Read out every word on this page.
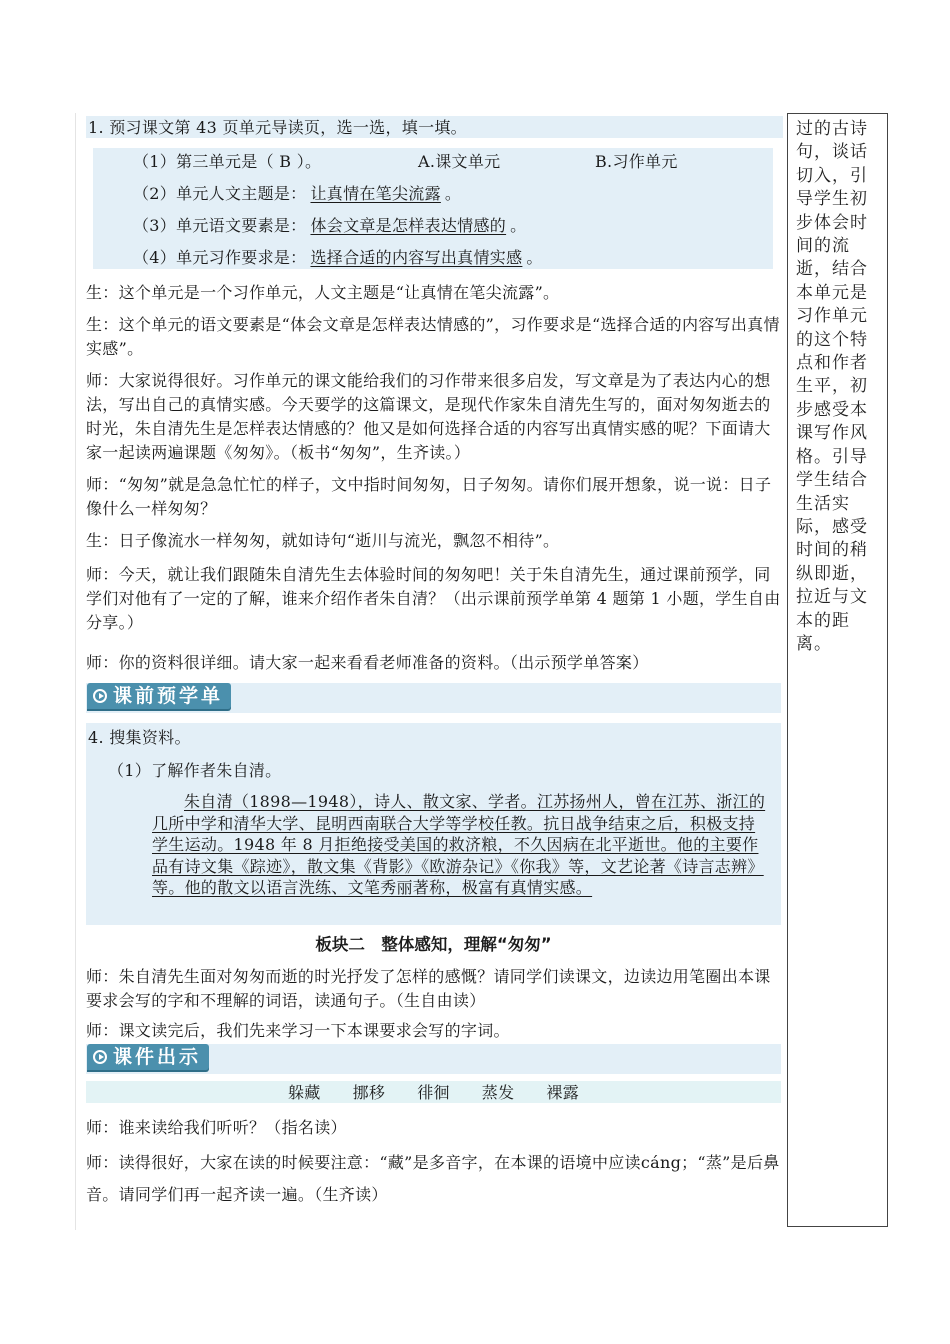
1. 预习课文第 43 页单元导读页，选一选，填一填。
（1）第三单元是（ B ）。	A.课文单元	B.习作单元
（2）单元人文主题是： 让真情在笔尖流露 。
（3）单元语文要素是： 体会文章是怎样表达情感的 。
（4）单元习作要求是： 选择合适的内容写出真情实感 。
生：这个单元是一个习作单元，人文主题是“让真情在笔尖流露”。
生：这个单元的语文要素是“体会文章是怎样表达情感的”，习作要求是“选择合适的内容写出真情实感”。
师：大家说得很好。习作单元的课文能给我们的习作带来很多启发，写文章是为了表达内心的想法，写出自己的真情实感。今天要学的这篇课文，是现代作家朱自清先生写的，面对匆匆逝去的时光，朱自清先生是怎样表达情感的？他又是如何选择合适的内容写出真情实感的呢？下面请大家一起读两遍课题《匆匆》。（板书“匆匆”，生齐读。）
师：“匆匆”就是急急忙忙的样子，文中指时间匆匆，日子匆匆。请你们展开想象，说一说：日子像什么一样匆匆？
生：日子像流水一样匆匆，就如诗句“逝川与流光，飘忽不相待”。
师：今天，就让我们跟随朱自清先生去体验时间的匆匆吧！关于朱自清先生，通过课前预学，同学们对他有了一定的了解，谁来介绍作者朱自清？（出示课前预学单第 4 题第 1 小题，学生自由分享。）
师：你的资料很详细。请大家一起来看看老师准备的资料。（出示预学单答案）
课前预学单
4. 搜集资料。
（1）了解作者朱自清。
朱自清（1898—1948），诗人、散文家、学者。江苏扬州人，曾在江苏、浙江的几所中学和清华大学、昆明西南联合大学等学校任教。抗日战争结束之后，积极支持学生运动。1948 年 8 月拒绝接受美国的救济粮，不久因病在北平逝世。他的主要作品有诗文集《踪迹》，散文集《背影》《欧游杂记》《你我》等，文艺论著《诗言志辨》等。他的散文以语言洗练、文笔秀丽著称，极富有真情实感。
板块二　整体感知，理解“匆匆”
师：朱自清先生面对匆匆而逝的时光抒发了怎样的感慨？请同学们读课文，边读边用笔圈出本课要求会写的字和不理解的词语，读通句子。（生自由读）
师：课文读完后，我们先来学习一下本课要求会写的字词。
课件出示
躲藏 挪移 徘徊 蒸发 裸露
师：谁来读给我们听听？（指名读）
师：读得很好，大家在读的时候要注意：“藏”是多音字，在本课的语境中应读cáng；“蒸”是后鼻音。请同学们再一起齐读一遍。（生齐读）
过的古诗句，谈话切入，引导学生初步体会时间的流逝，结合本单元是习作单元的这个特点和作者生平，初步感受本课写作风格。引导学生结合生活实际，感受时间的稍纵即逝，拉近与文本的距离。
